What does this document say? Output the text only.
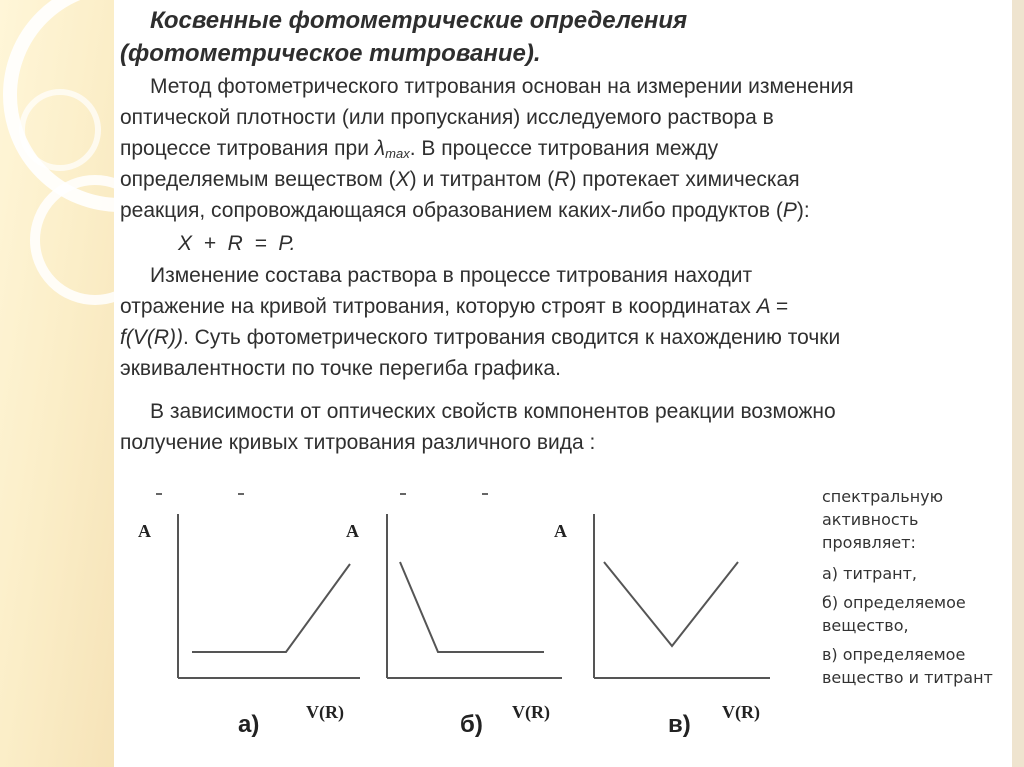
Косвенные фотометрические определения
(фотометрическое титрование).
Метод фотометрического титрования основан на измерении изменения
оптической плотности (или пропускания) исследуемого раствора в
процессе титрования при $\lambda_{max}$. В процессе титрования между
определяемым веществом (X) и титрантом (R) протекает химическая
реакция, сопровождающаяся образованием каких-либо продуктов (P):
X  +  R  =  P.
Изменение состава раствора в процессе титрования находит
отражение на кривой титрования, которую строят в координатах A =
f(V(R)). Суть фотометрического титрования сводится к нахождению точки
эквивалентности по точке перегиба графика.
В зависимости от оптических свойств компонентов реакции возможно
получение кривых титрования различного вида :
A	A
V(R)
а)	V(R)
б)
A
V(R)
в)
спектральную
активность
проявляет:
а) титрант,
б) определяемое
вещество,
в) определяемое
вещество и титрант
